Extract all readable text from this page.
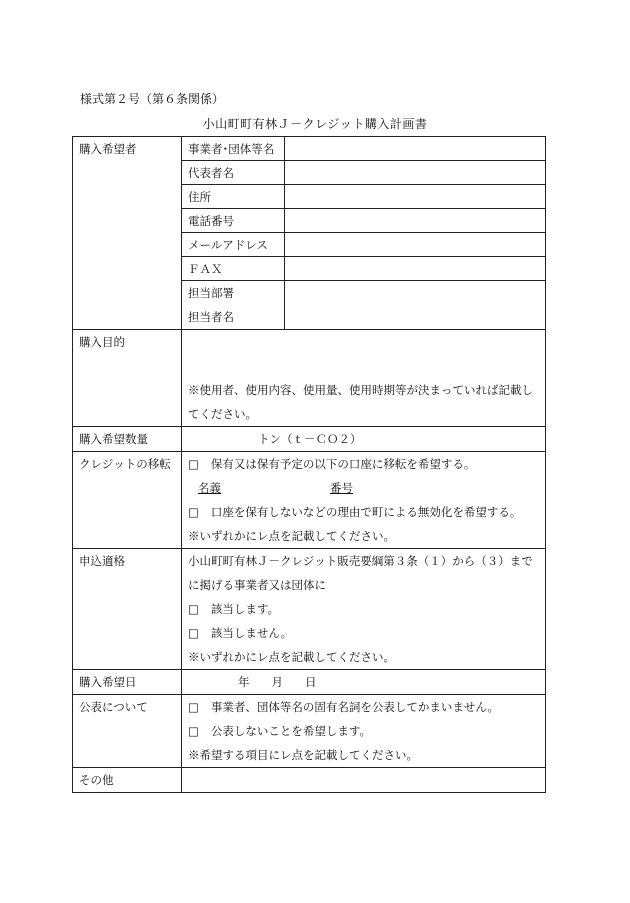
様式第２号（第６条関係）
小山町町有林Ｊ－クレジット購入計画書
購入希望者	事業者･団体等名	
	代表者名	
	住所	
	電話番号	
	メールアドレス	
	ＦＡＸ	

	担当部署
担当者名	

購入目的	※使用者、使用内容、使用量、使用時期等が決まっていれば記載し
てください。	

購入希望数量	トン（ｔ－ＣＯ２）	
クレジットの移転	□ 保有又は保有予定の以下の口座に移転を希望する。
名義 番号
□ 口座を保有しないなどの理由で町による無効化を希望する。
※いずれかにレ点を記載してください。	

申込適格	小山町町有林Ｊ－クレジット販売要綱第３条（１）から（３）まで
に掲げる事業者又は団体に
□ 該当します。
□ 該当しません。
※いずれかにレ点を記載してください。	

購入希望日	年 月 日	
公表について	□ 事業者、団体等名の固有名詞を公表してかまいません。
□ 公表しないことを希望します。
※希望する項目にレ点を記載してください。	

その他		
